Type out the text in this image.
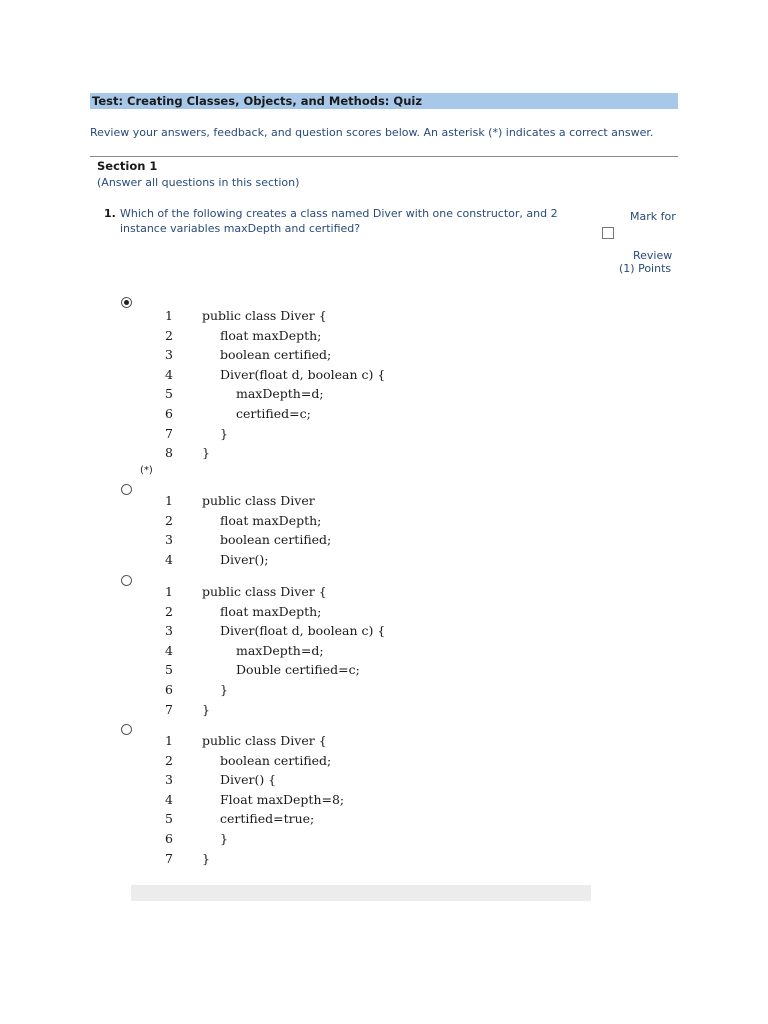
Test: Creating Classes, Objects, and Methods: Quiz
Review your answers, feedback, and question scores below. An asterisk (*) indicates a correct answer.
Section 1
(Answer all questions in this section)
1. Which of the following creates a class named Diver with one constructor, and 2 instance variables maxDepth and certified?
Mark for
Review
(1) Points
1	public class Diver {
2	float maxDepth;
3	boolean certified;
4	Diver(float d, boolean c) {
5	maxDepth=d;
6	certified=c;
7	}
8	}
1	public class Diver
2	float maxDepth;
3	boolean certified;
4	Diver();
1	public class Diver {
2	float maxDepth;
3	Diver(float d, boolean c) {
4	maxDepth=d;
5	Double certified=c;
6	}
7	}
1	public class Diver {
2	boolean certified;
3	Diver() {
4	Float maxDepth=8;
5	certified=true;
6	}
7	}
(*)
